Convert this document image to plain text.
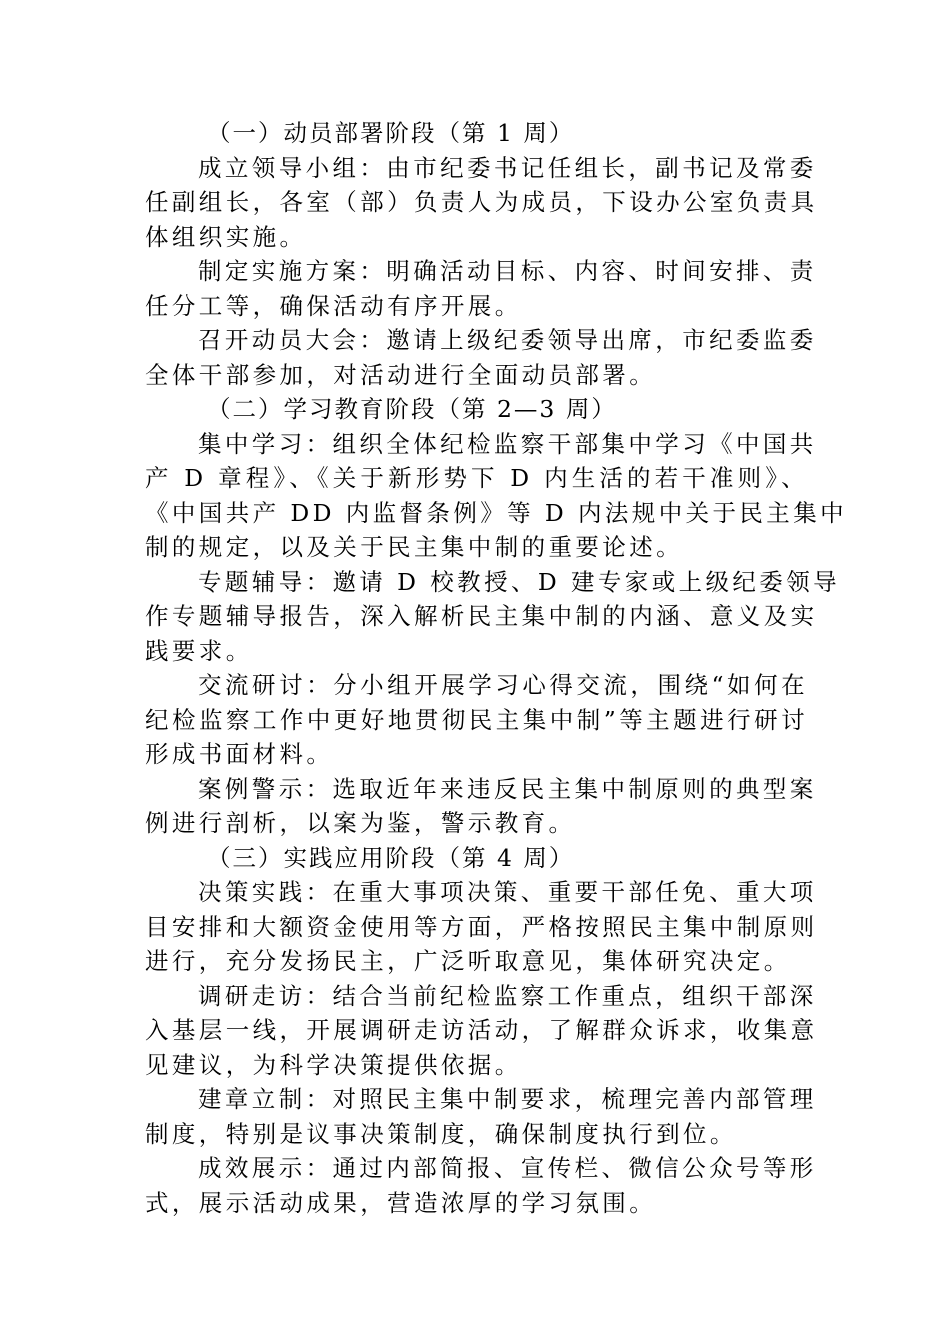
（一）动员部署阶段（第 1 周）
成立领导小组：由市纪委书记任组长，副书记及常委
任副组长，各室（部）负责人为成员，下设办公室负责具
体组织实施。
制定实施方案：明确活动目标、内容、时间安排、责
任分工等，确保活动有序开展。
召开动员大会：邀请上级纪委领导出席，市纪委监委
全体干部参加，对活动进行全面动员部署。
（二）学习教育阶段（第 2—3 周）
集中学习：组织全体纪检监察干部集中学习《中国共
产 D 章程》、《关于新形势下 D 内生活的若干准则》、
《中国共产 DD 内监督条例》等 D 内法规中关于民主集中
制的规定，以及关于民主集中制的重要论述。
专题辅导：邀请 D 校教授、D 建专家或上级纪委领导
作专题辅导报告，深入解析民主集中制的内涵、意义及实
践要求。
交流研讨：分小组开展学习心得交流，围绕“如何在
纪检监察工作中更好地贯彻民主集中制”等主题进行研讨
形成书面材料。
案例警示：选取近年来违反民主集中制原则的典型案
例进行剖析，以案为鉴，警示教育。
（三）实践应用阶段（第 4 周）
决策实践：在重大事项决策、重要干部任免、重大项
目安排和大额资金使用等方面，严格按照民主集中制原则
进行，充分发扬民主，广泛听取意见，集体研究决定。
调研走访：结合当前纪检监察工作重点，组织干部深
入基层一线，开展调研走访活动，了解群众诉求，收集意
见建议，为科学决策提供依据。
建章立制：对照民主集中制要求，梳理完善内部管理
制度，特别是议事决策制度，确保制度执行到位。
成效展示：通过内部简报、宣传栏、微信公众号等形
式，展示活动成果，营造浓厚的学习氛围。
